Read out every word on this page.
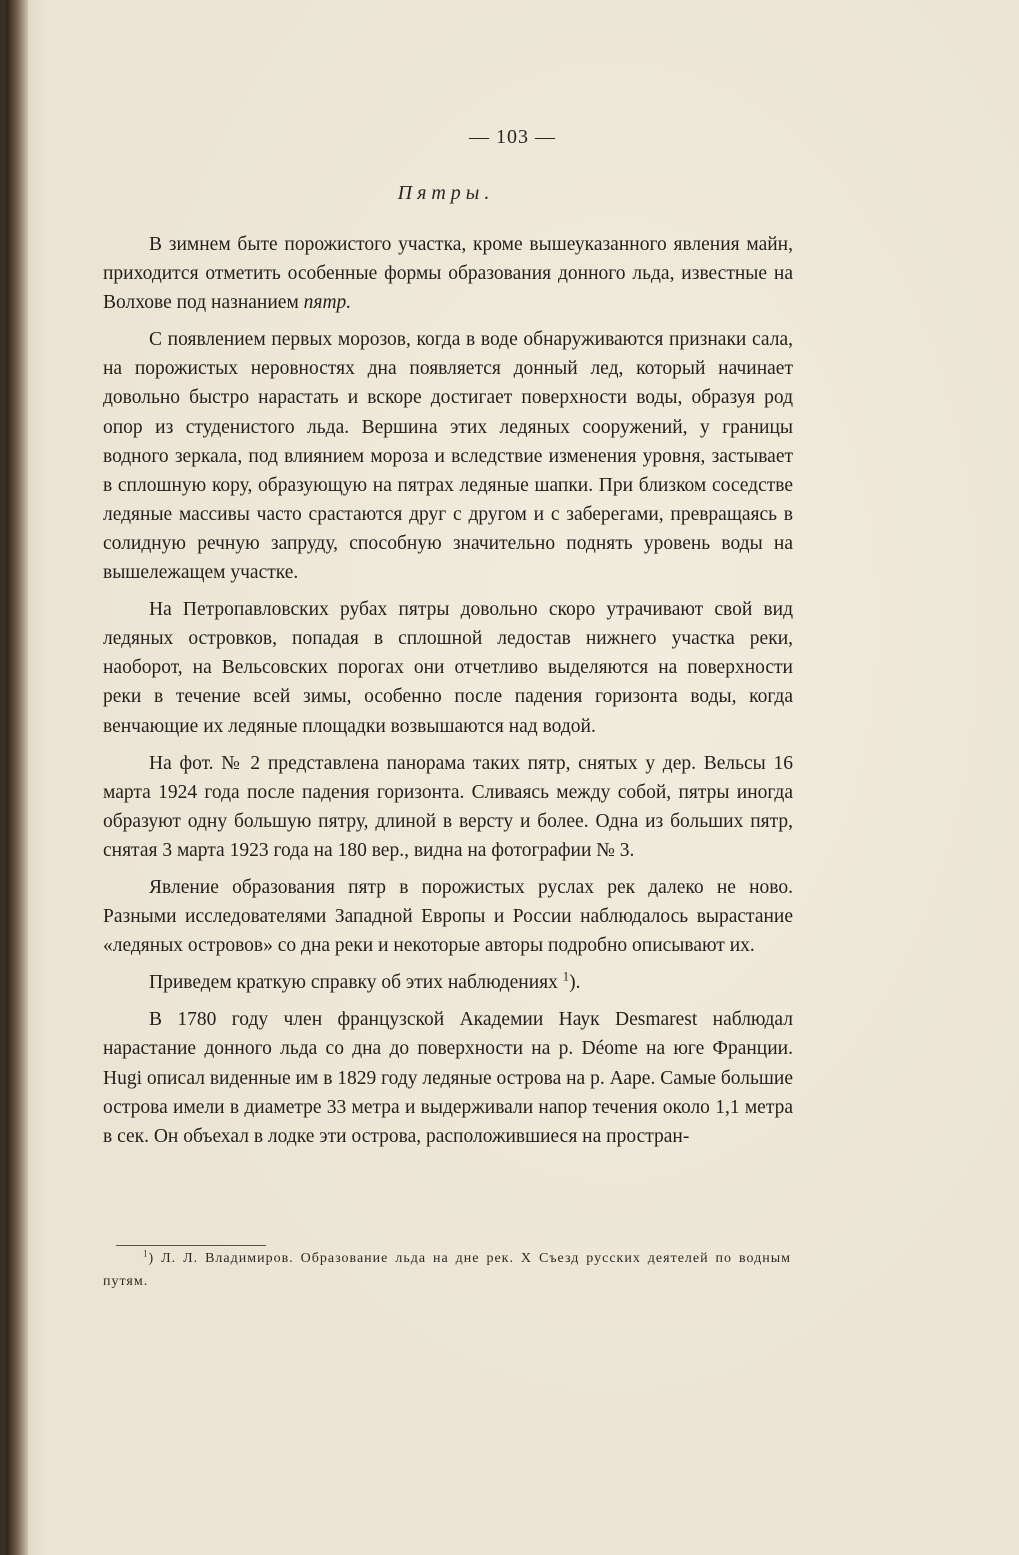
— 103 —
Пятры.

В зимнем быте порожистого участка, кроме вышеуказанного явления майн, приходится отметить особенные формы образования донного льда, известные на Волхове под назнанием пятр.

С появлением первых морозов, когда в воде обнаруживаются признаки сала, на порожистых неровностях дна появляется донный лед, который начинает довольно быстро нарастать и вскоре достигает поверхности воды, образуя род опор из студенистого льда. Вершина этих ледяных сооружений, у границы водного зеркала, под влиянием мороза и вследствие изменения уровня, застывает в сплошную кору, образующую на пятрах ледяные шапки. При близком соседстве ледяные массивы часто срастаются друг с другом и с заберегами, превращаясь в солидную речную запруду, способную значительно поднять уровень воды на вышележащем участке.

На Петропавловских рубах пятры довольно скоро утрачивают свой вид ледяных островков, попадая в сплошной ледостав нижнего участка реки, наоборот, на Вельсовских порогах они отчетливо выделяются на поверхности реки в течение всей зимы, особенно после падения горизонта воды, когда венчающие их ледяные площадки возвышаются над водой.

На фот. № 2 представлена панорама таких пятр, снятых у дер. Вельсы 16 марта 1924 года после падения горизонта. Сливаясь между собой, пятры иногда образуют одну большую пятру, длиной в версту и более. Одна из больших пятр, снятая 3 марта 1923 года на 180 вер., видна на фотографии № 3.

Явление образования пятр в порожистых руслах рек далеко не ново. Разными исследователями Западной Европы и России наблюдалось вырастание «ледяных островов» со дна реки и некоторые авторы подробно описывают их.

Приведем краткую справку об этих наблюдениях $^1$).

В 1780 году член французской Академии Наук Desmarest наблюдал нарастание донного льда со дна до поверхности на р. Déome на юге Франции. Hugi описал виденные им в 1829 году ледяные острова на р. Ааре. Самые большие острова имели в диаметре 33 метра и выдерживали напор течения около 1,1 метра в сек. Он объехал в лодке эти острова, расположившиеся на простран-

$^1$) Л. Л. Владимиров. Образование льда на дне рек. X Съезд русских деятелей по водным путям.
